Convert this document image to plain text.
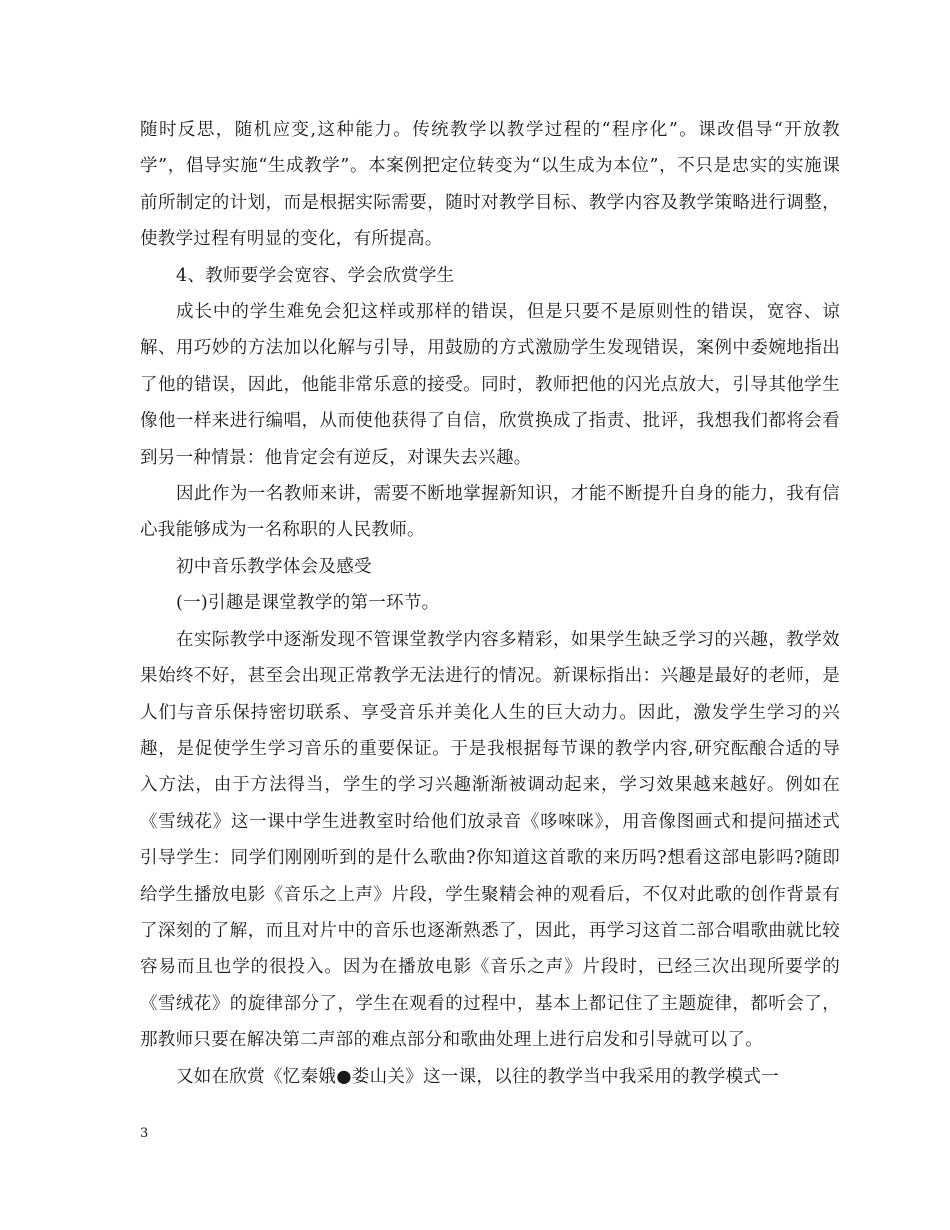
随时反思，随机应变,这种能力。传统教学以教学过程的“程序化”。课改倡导“开放教学”，倡导实施“生成教学”。本案例把定位转变为“以生成为本位”，不只是忠实的实施课前所制定的计划，而是根据实际需要，随时对教学目标、教学内容及教学策略进行调整，使教学过程有明显的变化，有所提高。

4、教师要学会宽容、学会欣赏学生

成长中的学生难免会犯这样或那样的错误，但是只要不是原则性的错误，宽容、谅解、用巧妙的方法加以化解与引导，用鼓励的方式激励学生发现错误，案例中委婉地指出了他的错误，因此，他能非常乐意的接受。同时，教师把他的闪光点放大，引导其他学生像他一样来进行编唱，从而使他获得了自信，欣赏换成了指责、批评，我想我们都将会看到另一种情景：他肯定会有逆反，对课失去兴趣。

因此作为一名教师来讲，需要不断地掌握新知识，才能不断提升自身的能力，我有信心我能够成为一名称职的人民教师。

初中音乐教学体会及感受

(一)引趣是课堂教学的第一环节。

在实际教学中逐渐发现不管课堂教学内容多精彩，如果学生缺乏学习的兴趣，教学效果始终不好，甚至会出现正常教学无法进行的情况。新课标指出：兴趣是最好的老师，是人们与音乐保持密切联系、享受音乐并美化人生的巨大动力。因此，激发学生学习的兴趣，是促使学生学习音乐的重要保证。于是我根据每节课的教学内容,研究酝酿合适的导入方法，由于方法得当，学生的学习兴趣渐渐被调动起来，学习效果越来越好。例如在《雪绒花》这一课中学生进教室时给他们放录音《哆唻咪》，用音像图画式和提问描述式引导学生：同学们刚刚听到的是什么歌曲?你知道这首歌的来历吗?想看这部电影吗?随即给学生播放电影《音乐之上声》片段，学生聚精会神的观看后，不仅对此歌的创作背景有了深刻的了解，而且对片中的音乐也逐渐熟悉了，因此，再学习这首二部合唱歌曲就比较容易而且也学的很投入。因为在播放电影《音乐之声》片段时，已经三次出现所要学的《雪绒花》的旋律部分了，学生在观看的过程中，基本上都记住了主题旋律，都听会了，那教师只要在解决第二声部的难点部分和歌曲处理上进行启发和引导就可以了。

又如在欣赏《忆秦娥●娄山关》这一课，以往的教学当中我采用的教学模式一

3
